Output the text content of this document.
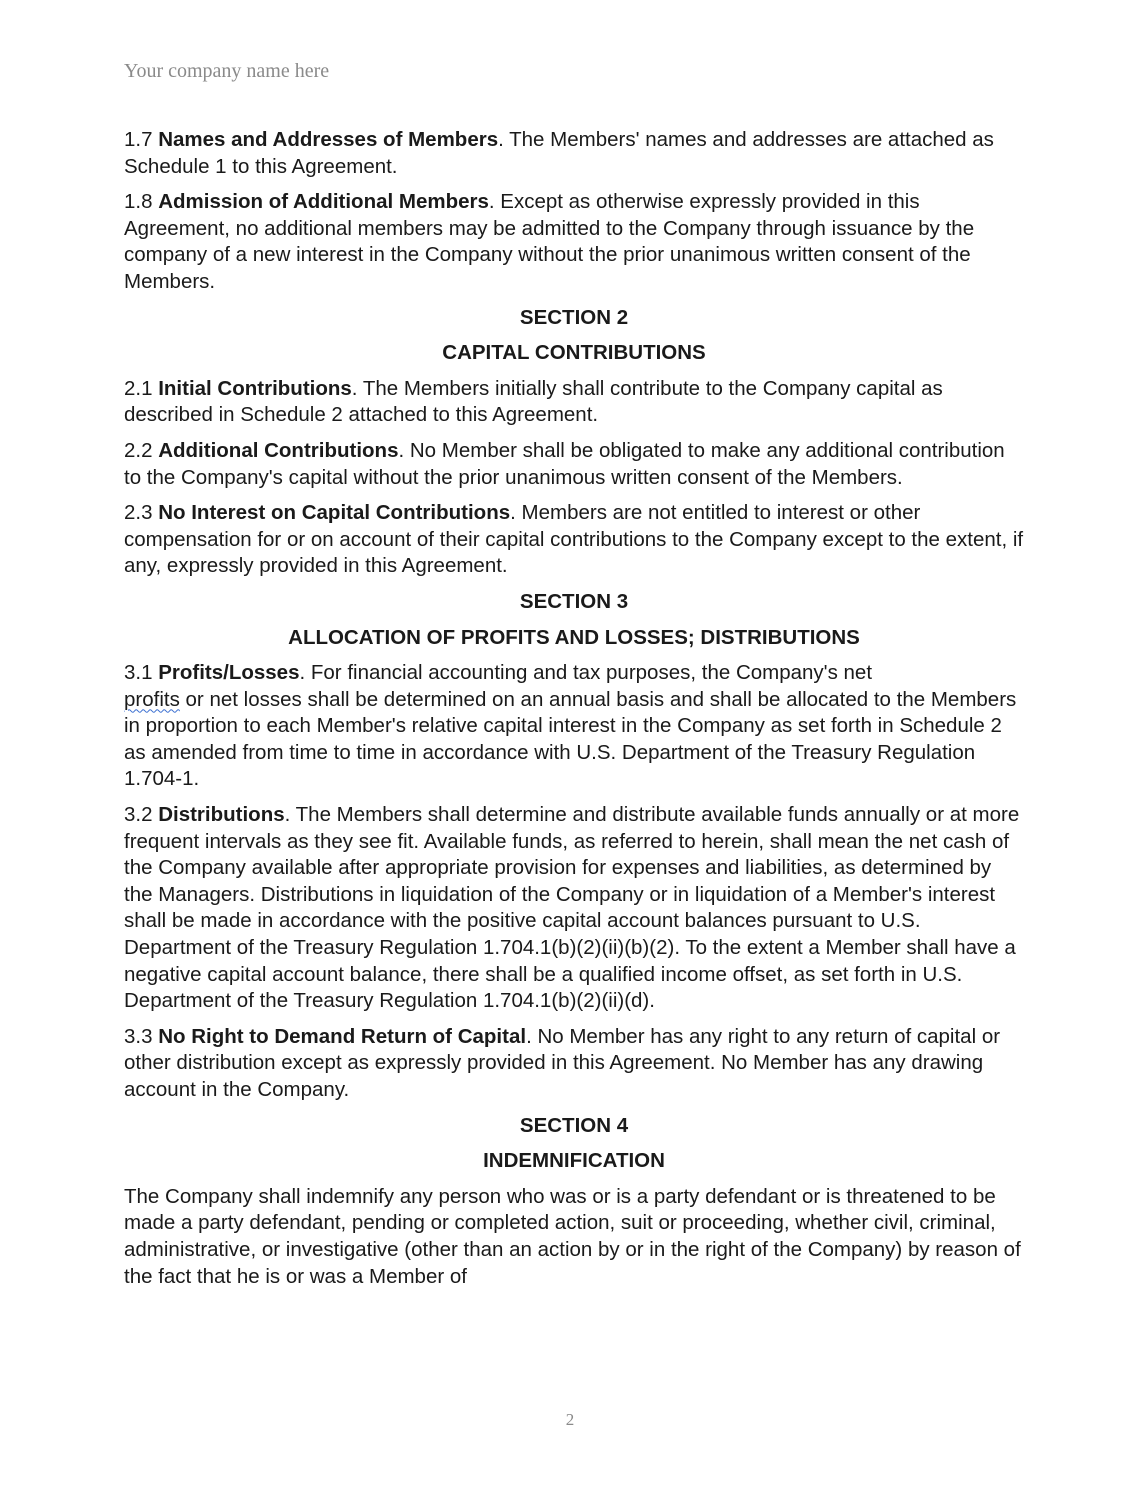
Your company name here

1.7 Names and Addresses of Members. The Members' names and addresses are attached as Schedule 1 to this Agreement.

1.8 Admission of Additional Members. Except as otherwise expressly provided in this Agreement, no additional members may be admitted to the Company through issuance by the company of a new interest in the Company without the prior unanimous written consent of the Members.

SECTION 2
CAPITAL CONTRIBUTIONS

2.1 Initial Contributions. The Members initially shall contribute to the Company capital as described in Schedule 2 attached to this Agreement.

2.2 Additional Contributions. No Member shall be obligated to make any additional contribution to the Company's capital without the prior unanimous written consent of the Members.

2.3 No Interest on Capital Contributions. Members are not entitled to interest or other compensation for or on account of their capital contributions to the Company except to the extent, if any, expressly provided in this Agreement.

SECTION 3
ALLOCATION OF PROFITS AND LOSSES; DISTRIBUTIONS

3.1 Profits/Losses. For financial accounting and tax purposes, the Company's net
profits or net losses shall be determined on an annual basis and shall be allocated to the Members in proportion to each Member's relative capital interest in the Company as set forth in Schedule 2 as amended from time to time in accordance with U.S. Department of the Treasury Regulation 1.704-1.

3.2 Distributions. The Members shall determine and distribute available funds annually or at more frequent intervals as they see fit. Available funds, as referred to herein, shall mean the net cash of the Company available after appropriate provision for expenses and liabilities, as determined by the Managers. Distributions in liquidation of the Company or in liquidation of a Member's interest shall be made in accordance with the positive capital account balances pursuant to U.S. Department of the Treasury Regulation 1.704.1(b)(2)(ii)(b)(2). To the extent a Member shall have a negative capital account balance, there shall be a qualified income offset, as set forth in U.S. Department of the Treasury Regulation 1.704.1(b)(2)(ii)(d).

3.3 No Right to Demand Return of Capital. No Member has any right to any return of capital or other distribution except as expressly provided in this Agreement. No Member has any drawing account in the Company.

SECTION 4
INDEMNIFICATION

The Company shall indemnify any person who was or is a party defendant or is threatened to be made a party defendant, pending or completed action, suit or proceeding, whether civil, criminal, administrative, or investigative (other than an action by or in the right of the Company) by reason of the fact that he is or was a Member of

2
